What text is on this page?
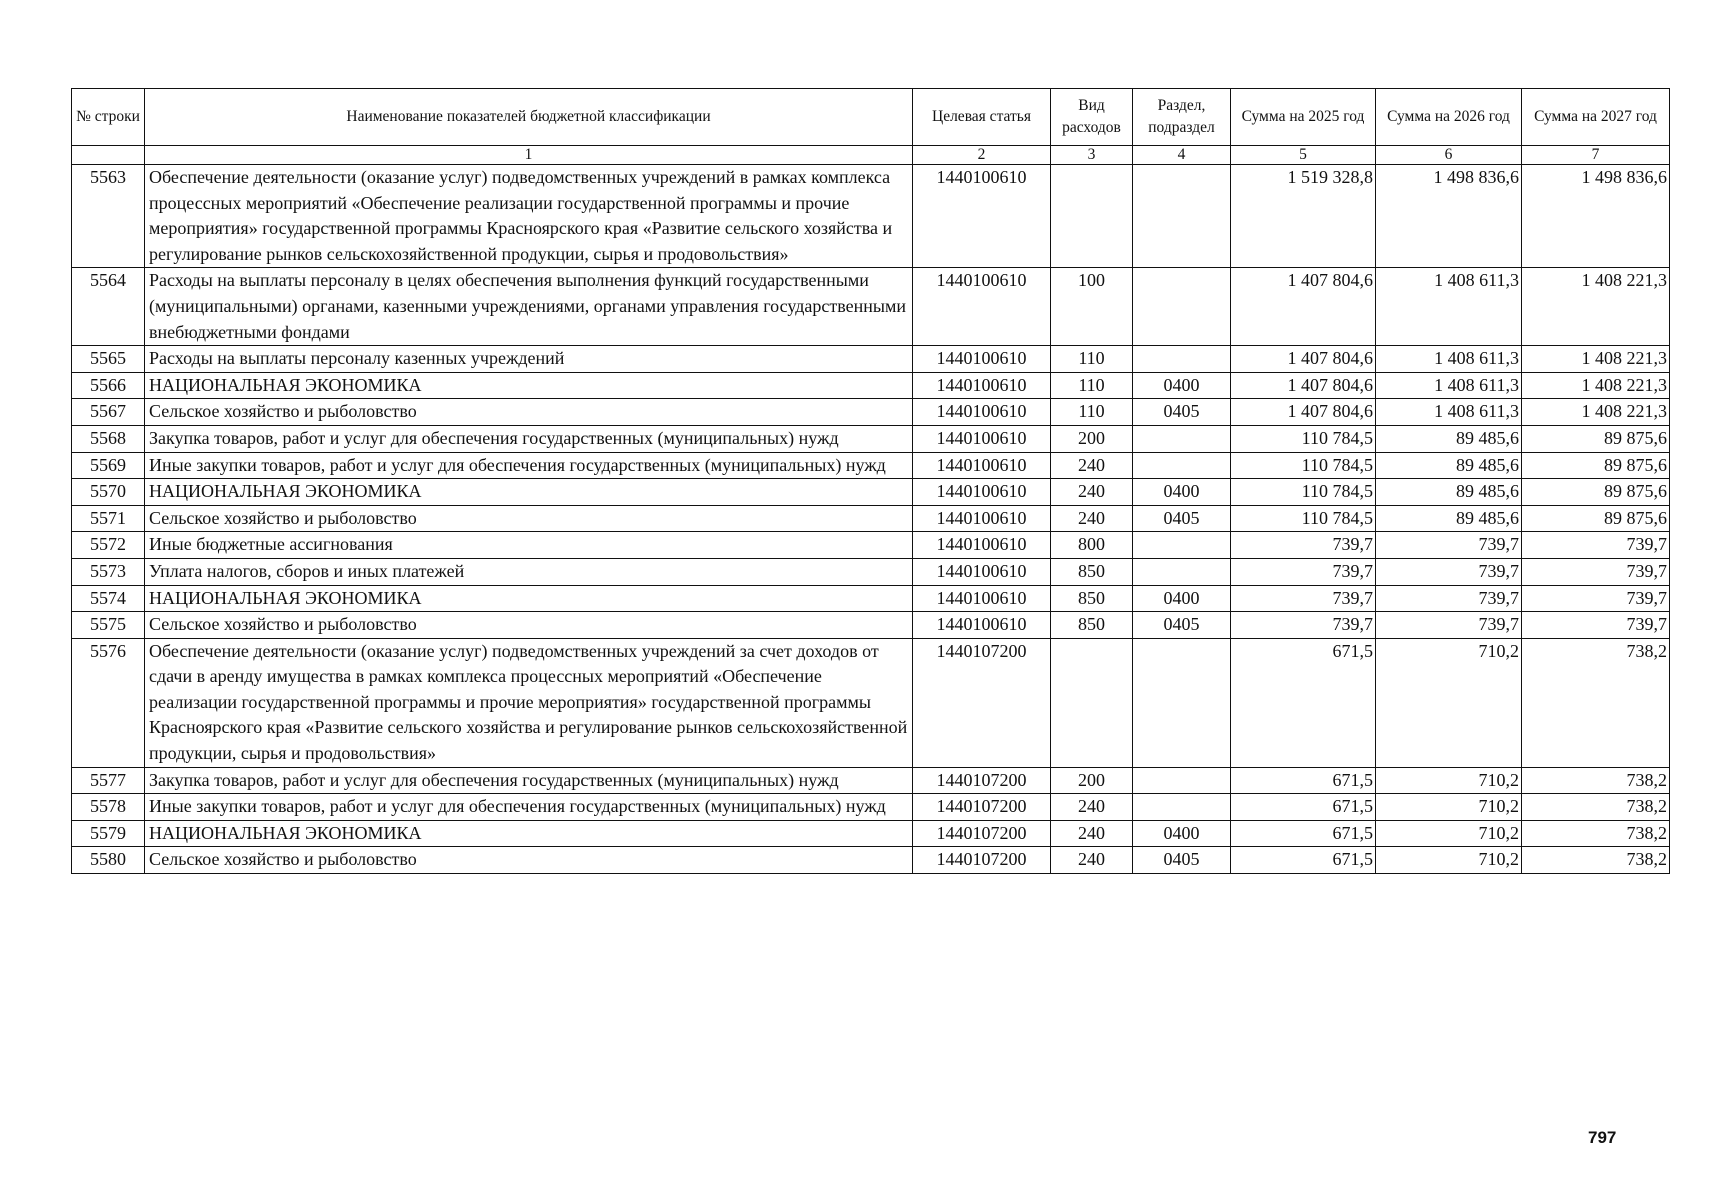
№ строки	Наименование показателей бюджетной классификации	Целевая статья	Вид расходов	Раздел, подраздел	Сумма на 2025 год	Сумма на 2026 год	Сумма на 2027 год
	1	2	3	4	5	6	7
5563	Обеспечение деятельности (оказание услуг) подведомственных учреждений в рамках комплекса процессных мероприятий «Обеспечение реализации государственной программы и прочие мероприятия» государственной программы Красноярского края «Развитие сельского хозяйства и регулирование рынков сельскохозяйственной продукции, сырья и продовольствия»	1440100610			1 519 328,8	1 498 836,6	1 498 836,6
5564	Расходы на выплаты персоналу в целях обеспечения выполнения функций государственными (муниципальными) органами, казенными учреждениями, органами управления государственными внебюджетными фондами	1440100610	100		1 407 804,6	1 408 611,3	1 408 221,3
5565	Расходы на выплаты персоналу казенных учреждений	1440100610	110		1 407 804,6	1 408 611,3	1 408 221,3
5566	НАЦИОНАЛЬНАЯ ЭКОНОМИКА	1440100610	110	0400	1 407 804,6	1 408 611,3	1 408 221,3
5567	Сельское хозяйство и рыболовство	1440100610	110	0405	1 407 804,6	1 408 611,3	1 408 221,3
5568	Закупка товаров, работ и услуг для обеспечения государственных (муниципальных) нужд	1440100610	200		110 784,5	89 485,6	89 875,6
5569	Иные закупки товаров, работ и услуг для обеспечения государственных (муниципальных) нужд	1440100610	240		110 784,5	89 485,6	89 875,6
5570	НАЦИОНАЛЬНАЯ ЭКОНОМИКА	1440100610	240	0400	110 784,5	89 485,6	89 875,6
5571	Сельское хозяйство и рыболовство	1440100610	240	0405	110 784,5	89 485,6	89 875,6
5572	Иные бюджетные ассигнования	1440100610	800		739,7	739,7	739,7
5573	Уплата налогов, сборов и иных платежей	1440100610	850		739,7	739,7	739,7
5574	НАЦИОНАЛЬНАЯ ЭКОНОМИКА	1440100610	850	0400	739,7	739,7	739,7
5575	Сельское хозяйство и рыболовство	1440100610	850	0405	739,7	739,7	739,7
5576	Обеспечение деятельности (оказание услуг) подведомственных учреждений за счет доходов от сдачи в аренду имущества в рамках комплекса процессных мероприятий «Обеспечение реализации государственной программы и прочие мероприятия» государственной программы Красноярского края «Развитие сельского хозяйства и регулирование рынков сельскохозяйственной продукции, сырья и продовольствия»	1440107200			671,5	710,2	738,2
5577	Закупка товаров, работ и услуг для обеспечения государственных (муниципальных) нужд	1440107200	200		671,5	710,2	738,2
5578	Иные закупки товаров, работ и услуг для обеспечения государственных (муниципальных) нужд	1440107200	240		671,5	710,2	738,2
5579	НАЦИОНАЛЬНАЯ ЭКОНОМИКА	1440107200	240	0400	671,5	710,2	738,2
5580	Сельское хозяйство и рыболовство	1440107200	240	0405	671,5	710,2	738,2
797
